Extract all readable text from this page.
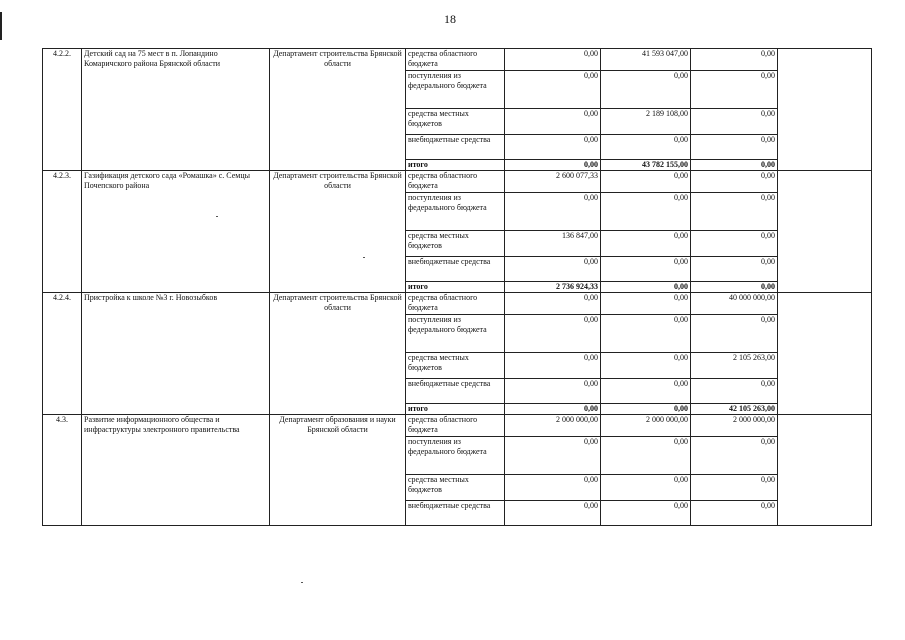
18
4.2.2.	Детский сад на 75 мест в п. Лопандино Комаричского района Брянской области	Департамент строительства Брянской области	средства областного бюджета	0,00	41 593 047,00	0,00	
			поступления из федерального бюджета	0,00	0,00	0,00	
			средства местных бюджетов	0,00	2 189 108,00	0,00	
			внебюджетные средства	0,00	0,00	0,00	
			итого	0,00	43 782 155,00	0,00	
4.2.3.	Газификация детского сада «Ромашка» с. Семцы Почепского района	Департамент строительства Брянской области	средства областного бюджета	2 600 077,33	0,00	0,00	
			поступления из федерального бюджета	0,00	0,00	0,00	
			средства местных бюджетов	136 847,00	0,00	0,00	
			внебюджетные средства	0,00	0,00	0,00	
			итого	2 736 924,33	0,00	0,00	
4.2.4.	Пристройка к школе №3 г. Новозыбков	Департамент строительства Брянской области	средства областного бюджета	0,00	0,00	40 000 000,00	
			поступления из федерального бюджета	0,00	0,00	0,00	
			средства местных бюджетов	0,00	0,00	2 105 263,00	
			внебюджетные средства	0,00	0,00	0,00	
			итого	0,00	0,00	42 105 263,00	
4.3.	Развитие информационного общества и инфраструктуры электронного правительства	Департамент образования и науки Брянской области	средства областного бюджета	2 000 000,00	2 000 000,00	2 000 000,00	
			поступления из федерального бюджета	0,00	0,00	0,00	
			средства местных бюджетов	0,00	0,00	0,00	
			внебюджетные средства	0,00	0,00	0,00	
